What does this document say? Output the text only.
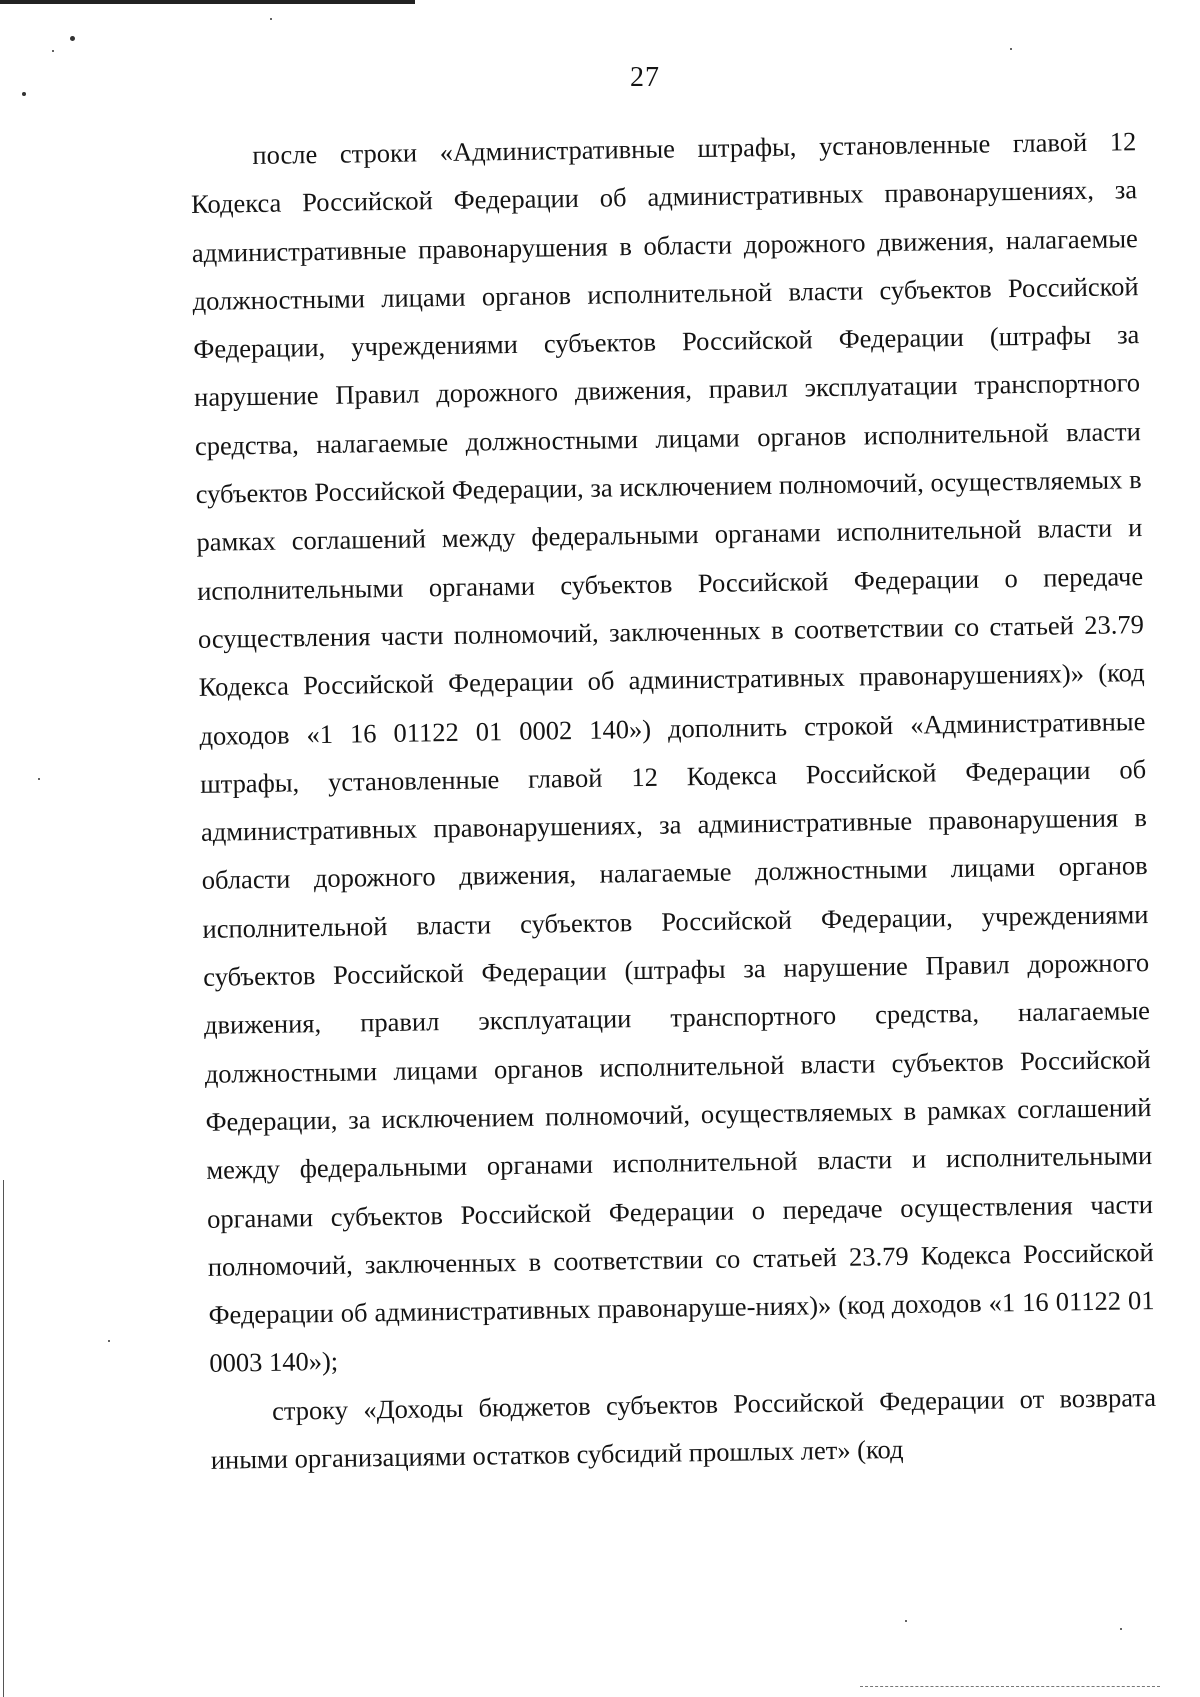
27

после строки «Административные штрафы, установленные главой 12 Кодекса Российской Федерации об административных правонарушениях, за административные правонарушения в области дорожного движения, налагаемые должностными лицами органов исполнительной власти субъектов Российской Федерации, учреждениями субъектов Российской Федерации (штрафы за нарушение Правил дорожного движения, правил эксплуатации транспортного средства, налагаемые должностными лицами органов исполнительной власти субъектов Российской Федерации, за исключением полномочий, осуществляемых в рамках соглашений между федеральными органами исполнительной власти и исполнительными органами субъектов Российской Федерации о передаче осуществления части полномочий, заключенных в соответствии со статьей 23.79 Кодекса Российской Федерации об административных правонарушениях)» (код доходов «1 16 01122 01 0002 140») дополнить строкой «Административные штрафы, установленные главой 12 Кодекса Российской Федерации об административных правонарушениях, за административные правонарушения в области дорожного движения, налагаемые должностными лицами органов исполнительной власти субъектов Российской Федерации, учреждениями субъектов Российской Федерации (штрафы за нарушение Правил дорожного движения, правил эксплуатации транспортного средства, налагаемые должностными лицами органов исполнительной власти субъектов Российской Федерации, за исключением полномочий, осуществляемых в рамках соглашений между федеральными органами исполнительной власти и исполнительными органами субъектов Российской Федерации о передаче осуществления части полномочий, заключенных в соответствии со статьей 23.79 Кодекса Российской Федерации об административных правонаруше-ниях)» (код доходов «1 16 01122 01 0003 140»);

строку «Доходы бюджетов субъектов Российской Федерации от возврата иными организациями остатков субсидий прошлых лет» (код
